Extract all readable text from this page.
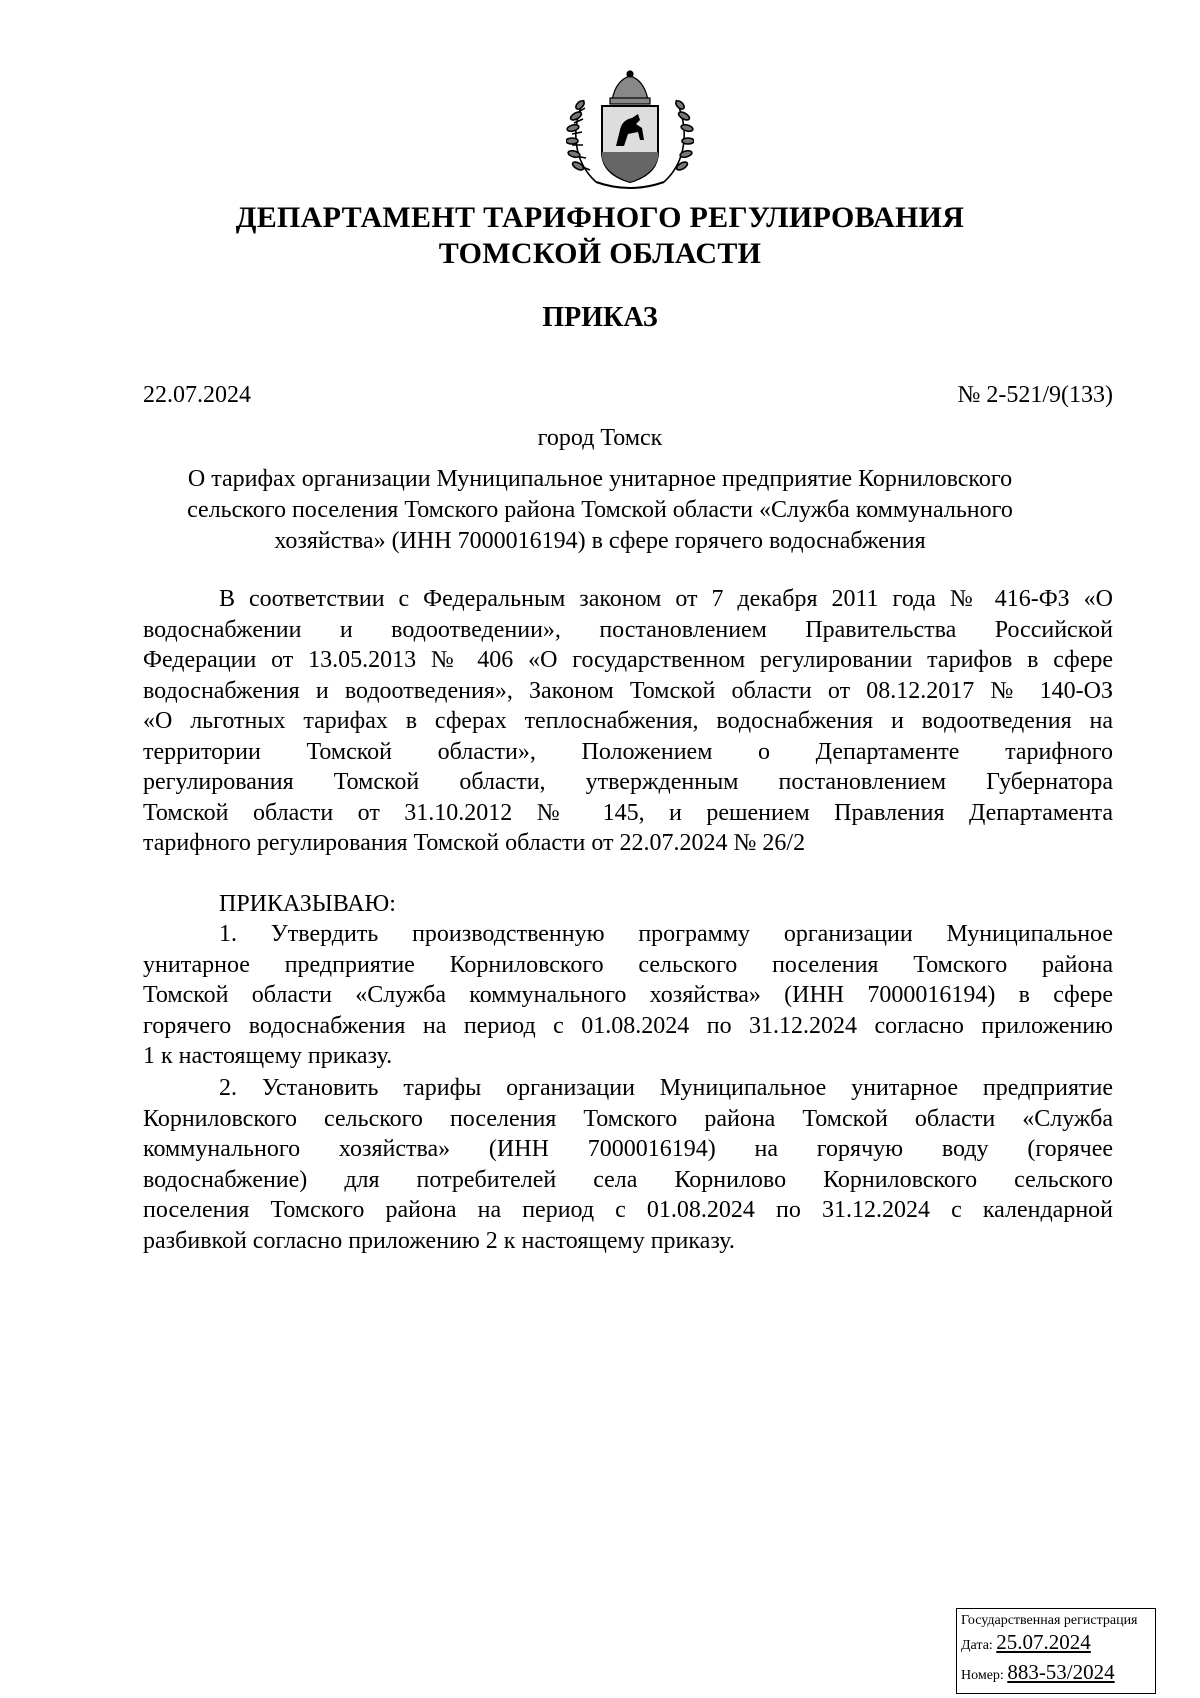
ДЕПАРТАМЕНТ ТАРИФНОГО РЕГУЛИРОВАНИЯ
ТОМСКОЙ ОБЛАСТИ
ПРИКАЗ
22.07.2024	№ 2-521/9(133)
город Томск
О тарифах организации Муниципальное унитарное предприятие Корниловского
сельского поселения Томского района Томской области «Служба коммунального
хозяйства» (ИНН 7000016194) в сфере горячего водоснабжения
В соответствии с Федеральным законом от 7 декабря 2011 года № 416-ФЗ «О
водоснабжении и водоотведении», постановлением Правительства Российской
Федерации от 13.05.2013 № 406 «О государственном регулировании тарифов в сфере
водоснабжения и водоотведения», Законом Томской области от 08.12.2017 № 140-ОЗ
«О льготных тарифах в сферах теплоснабжения, водоснабжения и водоотведения на
территории Томской области», Положением о Департаменте тарифного
регулирования Томской области, утвержденным постановлением Губернатора
Томской области от 31.10.2012 № 145, и решением Правления Департамента
тарифного регулирования Томской области от 22.07.2024 № 26/2
ПРИКАЗЫВАЮ:
1. Утвердить производственную программу организации Муниципальное
унитарное предприятие Корниловского сельского поселения Томского района
Томской области «Служба коммунального хозяйства» (ИНН 7000016194) в сфере
горячего водоснабжения на период с 01.08.2024 по 31.12.2024 согласно приложению
1 к настоящему приказу.
2. Установить тарифы организации Муниципальное унитарное предприятие
Корниловского сельского поселения Томского района Томской области «Служба
коммунального хозяйства» (ИНН 7000016194) на горячую воду (горячее
водоснабжение) для потребителей села Корнилово Корниловского сельского
поселения Томского района на период с 01.08.2024 по 31.12.2024 с календарной
разбивкой согласно приложению 2 к настоящему приказу.
Государственная регистрация
Дата: 25.07.2024
Номер: 883-53/2024
